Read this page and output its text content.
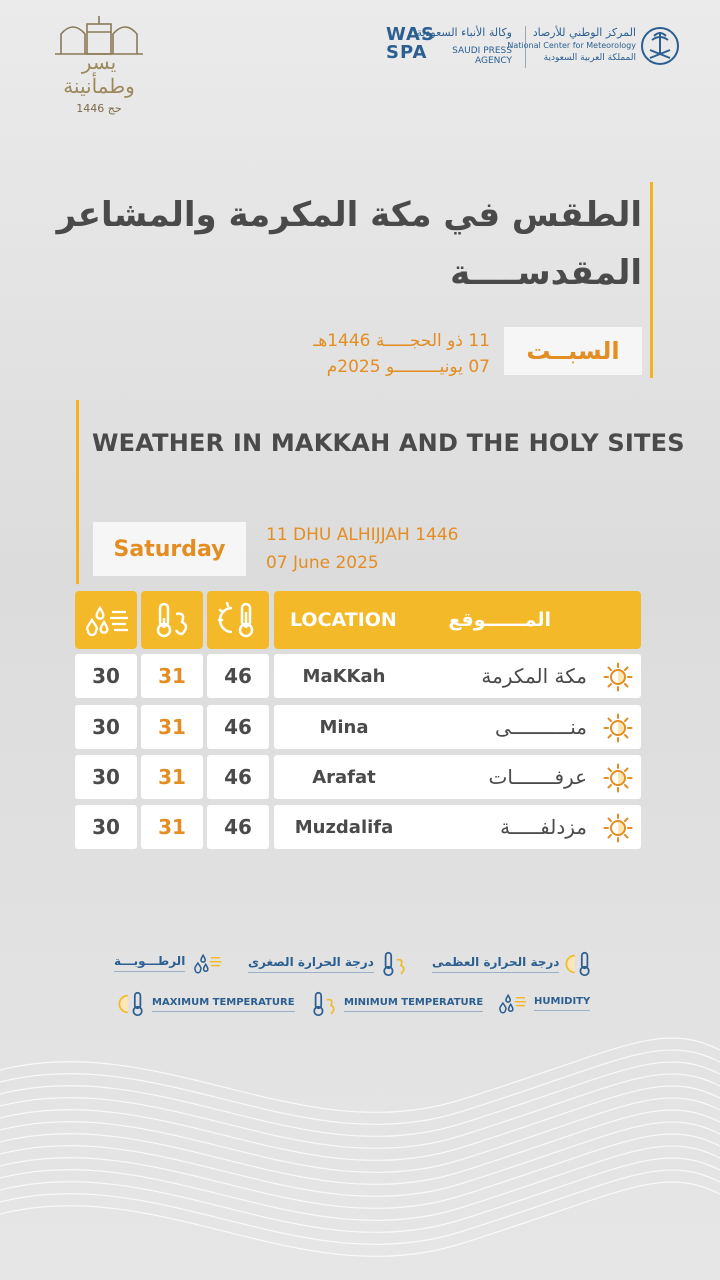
يسر وطمأنينة
حج 1446
WAS
SPA
وكالة الأنباء السعودية
SAUDI PRESS AGENCY
المركز الوطني للأرصاد
National Center for Meteorology
المملكة العربية السعودية
الطقس في مكة المكرمة والمشاعر
المقدســــة
السبــت
11 ذو الحجـــــة 1446هـ
07 يونيـــــــــو 2025م
WEATHER IN MAKKAH AND THE HOLY SITES
Saturday
11 DHU ALHIJJAH 1446
07 June 2025
LOCATION	المــــــوقع
30	31	46	MaKKah	مكة المكرمة
30	31	46	Mina	منــــــــــى
30	31	46	Arafat	عرفـــــــات
30	31	46	Muzdalifa	مزدلفـــــة
درجة الحرارة العظمى
درجة الحرارة الصغرى
الرطـــوبـــة
MAXIMUM TEMPERATURE	MINIMUM TEMPERATURE	HUMIDITY
